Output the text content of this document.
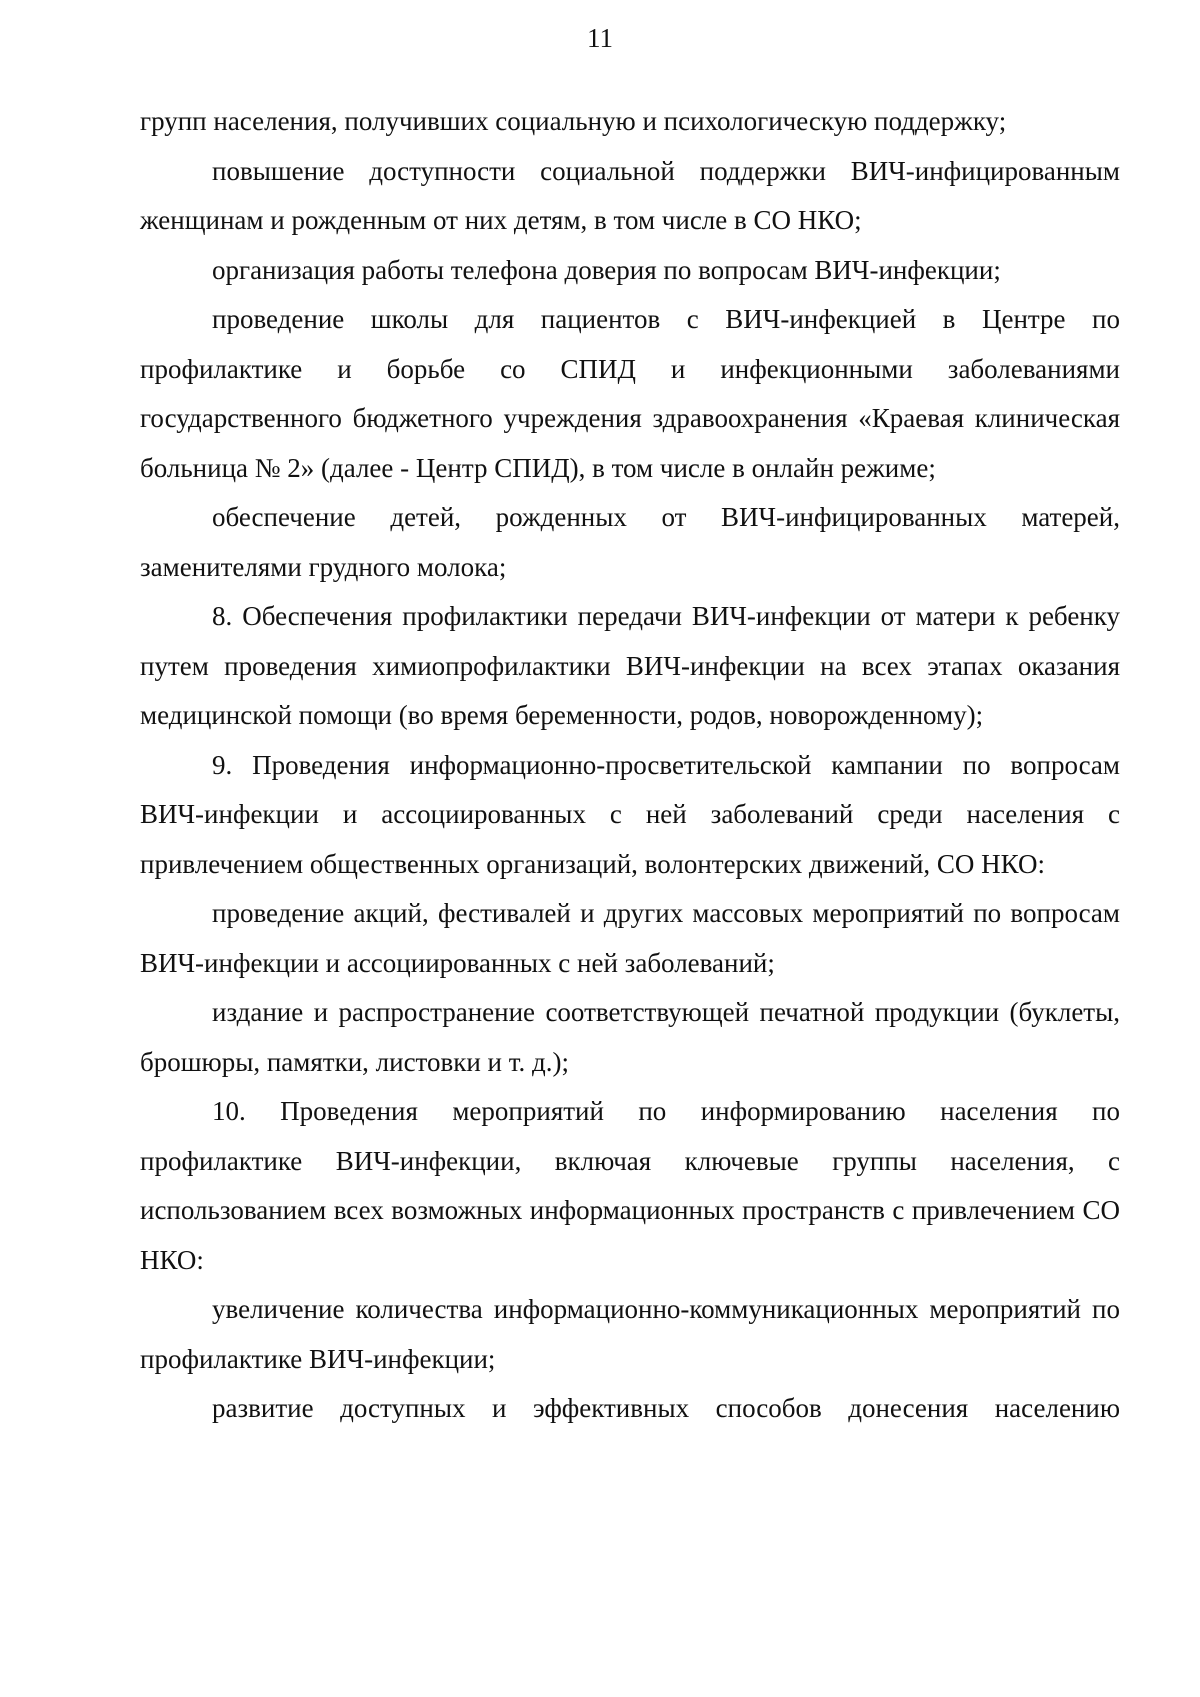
11

групп населения, получивших социальную и психологическую поддержку;

повышение доступности социальной поддержки ВИЧ-инфицированным женщинам и рожденным от них детям, в том числе в СО НКО;

организация работы телефона доверия по вопросам ВИЧ-инфекции;

проведение школы для пациентов с ВИЧ-инфекцией в Центре по профилактике и борьбе со СПИД и инфекционными заболеваниями государственного бюджетного учреждения здравоохранения «Краевая клиническая больница № 2» (далее - Центр СПИД), в том числе в онлайн режиме;

обеспечение детей, рожденных от ВИЧ-инфицированных матерей, заменителями грудного молока;

8. Обеспечения профилактики передачи ВИЧ-инфекции от матери к ребенку путем проведения химиопрофилактики ВИЧ-инфекции на всех этапах оказания медицинской помощи (во время беременности, родов, новорожденному);

9. Проведения информационно-просветительской кампании по вопросам ВИЧ-инфекции и ассоциированных с ней заболеваний среди населения с привлечением общественных организаций, волонтерских движений, СО НКО:

проведение акций, фестивалей и других массовых мероприятий по вопросам ВИЧ-инфекции и ассоциированных с ней заболеваний;

издание и распространение соответствующей печатной продукции (буклеты, брошюры, памятки, листовки и т. д.);

10. Проведения мероприятий по информированию населения по профилактике ВИЧ-инфекции, включая ключевые группы населения, с использованием всех возможных информационных пространств с привлечением СО НКО:

увеличение количества информационно-коммуникационных мероприятий по профилактике ВИЧ-инфекции;

развитие доступных и эффективных способов донесения населению
